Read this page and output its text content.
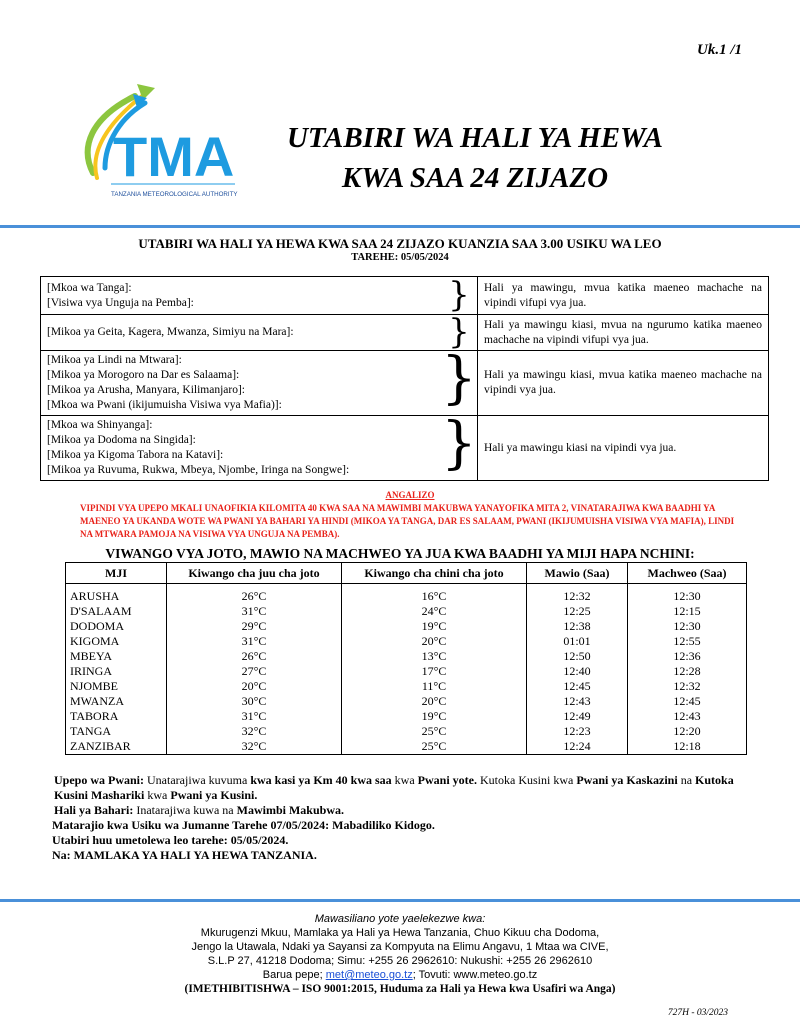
Uk.1 /1
TMA
TANZANIA METEOROLOGICAL AUTHORITY
UTABIRI WA HALI YA HEWA
KWA SAA 24 ZIJAZO
UTABIRI WA HALI YA HEWA KWA SAA 24 ZIJAZO KUANZIA SAA 3.00 USIKU WA LEO
TAREHE: 05/05/2024
[Mkoa wa Tanga]:
[Visiwa vya Unguja na Pemba]:	}	Hali ya mawingu, mvua katika maeneo machache na vipindi vifupi vya jua.

[Mikoa ya Geita, Kagera, Mwanza, Simiyu na Mara]:	}	Hali ya mawingu kiasi, mvua na ngurumo katika maeneo machache na vipindi vifupi vya jua.

[Mikoa ya Lindi na Mtwara]:
[Mikoa ya Morogoro na Dar es Salaama]:
[Mikoa ya Arusha, Manyara, Kilimanjaro]:
[Mkoa wa Pwani (ikijumuisha Visiwa vya Mafia)]:	}	Hali ya mawingu kiasi, mvua katika maeneo machache na vipindi vya jua.

[Mkoa wa Shinyanga]:
[Mikoa ya Dodoma na Singida]:
[Mikoa ya Kigoma Tabora na Katavi]:
[Mikoa ya Ruvuma, Rukwa, Mbeya, Njombe, Iringa na Songwe]:	}	Hali ya mawingu kiasi na vipindi vya jua.
ANGALIZO
VIPINDI VYA UPEPO MKALI UNAOFIKIA KILOMITA 40 KWA SAA NA MAWIMBI MAKUBWA YANAYOFIKA MITA 2, VINATARAJIWA KWA BAADHI YA MAENEO YA UKANDA WOTE WA PWANI YA BAHARI YA HINDI (MIKOA YA TANGA, DAR ES SALAAM, PWANI (IKIJUMUISHA VISIWA VYA MAFIA), LINDI NA MTWARA PAMOJA NA VISIWA VYA UNGUJA NA PEMBA).
VIWANGO VYA JOTO, MAWIO NA MACHWEO YA JUA KWA BAADHI YA MIJI HAPA NCHINI:
MJI	Kiwango cha juu cha joto	Kiwango cha chini cha joto	Mawio (Saa)	Machweo (Saa)
ARUSHA	26°C	16°C	12:32	12:30
D'SALAAM	31°C	24°C	12:25	12:15
DODOMA	29°C	19°C	12:38	12:30
KIGOMA	31°C	20°C	01:01	12:55
MBEYA	26°C	13°C	12:50	12:36
IRINGA	27°C	17°C	12:40	12:28
NJOMBE	20°C	11°C	12:45	12:32
MWANZA	30°C	20°C	12:43	12:45
TABORA	31°C	19°C	12:49	12:43
TANGA	32°C	25°C	12:23	12:20
ZANZIBAR	32°C	25°C	12:24	12:18
Upepo wa Pwani: Unatarajiwa kuvuma kwa kasi ya Km 40 kwa saa kwa Pwani yote. Kutoka Kusini kwa Pwani ya Kaskazini na Kutoka Kusini Mashariki kwa Pwani ya Kusini.
Hali ya Bahari: Inatarajiwa kuwa na Mawimbi Makubwa.
Matarajio kwa Usiku wa Jumanne Tarehe 07/05/2024: Mabadiliko Kidogo.
Utabiri huu umetolewa leo tarehe: 05/05/2024.
Na: MAMLAKA YA HALI YA HEWA TANZANIA.
Mawasiliano yote yaelekezwe kwa:
Mkurugenzi Mkuu, Mamlaka ya Hali ya Hewa Tanzania, Chuo Kikuu cha Dodoma,
Jengo la Utawala, Ndaki ya Sayansi za Kompyuta na Elimu Angavu, 1 Mtaa wa CIVE,
S.L.P 27, 41218 Dodoma; Simu: +255 26 2962610: Nukushi: +255 26 2962610
Barua pepe; met@meteo.go.tz; Tovuti: www.meteo.go.tz
(IMETHIBITISHWA – ISO 9001:2015, Huduma za Hali ya Hewa kwa Usafiri wa Anga)
727H - 03/2023
